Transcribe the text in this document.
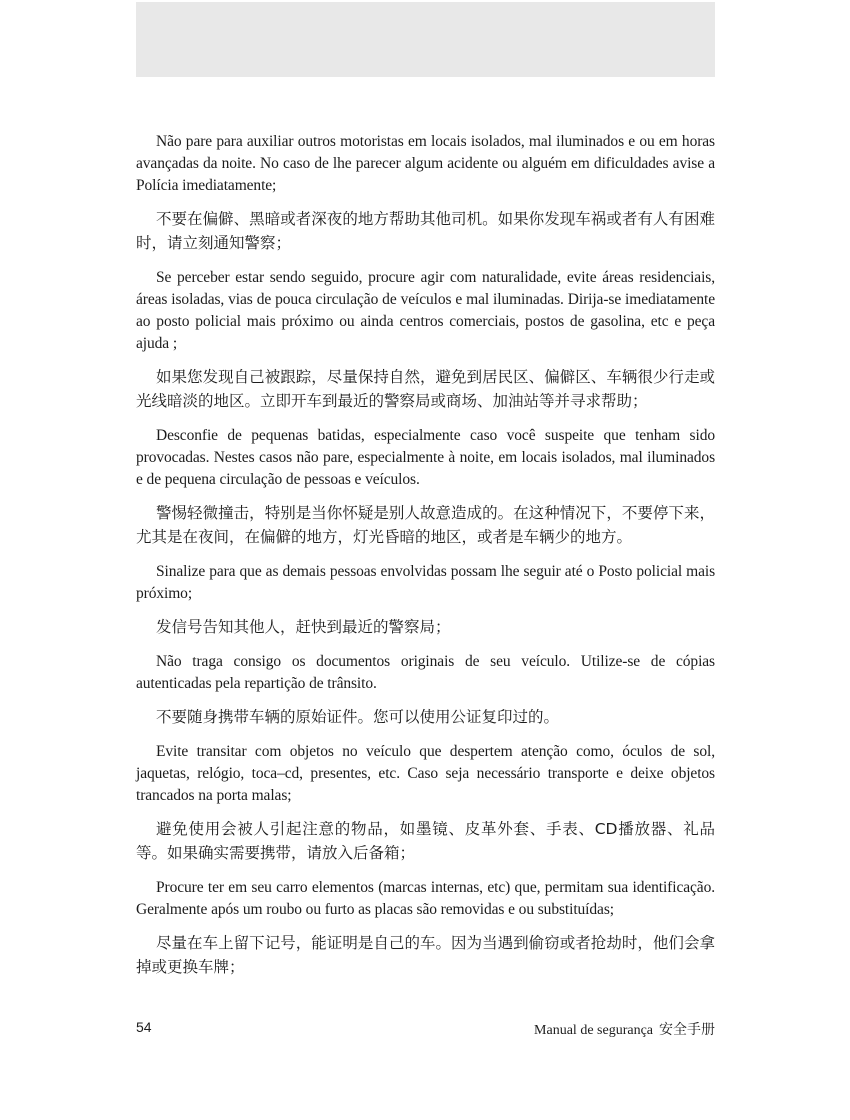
Não pare para auxiliar outros motoristas em locais isolados, mal iluminados e ou em horas avançadas da noite. No caso de lhe parecer algum acidente ou alguém em dificuldades avise a Polícia imediatamente;

不要在偏僻、黑暗或者深夜的地方帮助其他司机。如果你发现车祸或者有人有困难时，请立刻通知警察；

Se perceber estar sendo seguido, procure agir com naturalidade, evite áreas residenciais, áreas isoladas, vias de pouca circulação de veículos e mal iluminadas. Dirija-se imediatamente ao posto policial mais próximo ou ainda centros comerciais, postos de gasolina, etc e peça ajuda ;

如果您发现自己被跟踪，尽量保持自然，避免到居民区、偏僻区、车辆很少行走或光线暗淡的地区。立即开车到最近的警察局或商场、加油站等并寻求帮助；

Desconfie de pequenas batidas, especialmente caso você suspeite que tenham sido provocadas. Nestes casos não pare, especialmente à noite, em locais isolados, mal iluminados e de pequena circulação de pessoas e veículos.

警惕轻微撞击，特别是当你怀疑是别人故意造成的。在这种情况下，不要停下来，尤其是在夜间，在偏僻的地方，灯光昏暗的地区，或者是车辆少的地方。

Sinalize para que as demais pessoas envolvidas possam lhe seguir até o Posto policial mais próximo;

发信号告知其他人，赶快到最近的警察局；

Não traga consigo os documentos originais de seu veículo. Utilize-se de cópias autenticadas pela repartição de trânsito.

不要随身携带车辆的原始证件。您可以使用公证复印过的。

Evite transitar com objetos no veículo que despertem atenção como, óculos de sol, jaquetas, relógio, toca–cd, presentes, etc. Caso seja necessário transporte e deixe objetos trancados na porta malas;

避免使用会被人引起注意的物品，如墨镜、皮革外套、手表、CD播放器、礼品等。如果确实需要携带，请放入后备箱；

Procure ter em seu carro elementos (marcas internas, etc) que, permitam sua identificação. Geralmente após um roubo ou furto as placas são removidas e ou substituídas;

尽量在车上留下记号，能证明是自己的车。因为当遇到偷窃或者抢劫时，他们会拿掉或更换车牌；

54	Manual de segurança 安全手册
